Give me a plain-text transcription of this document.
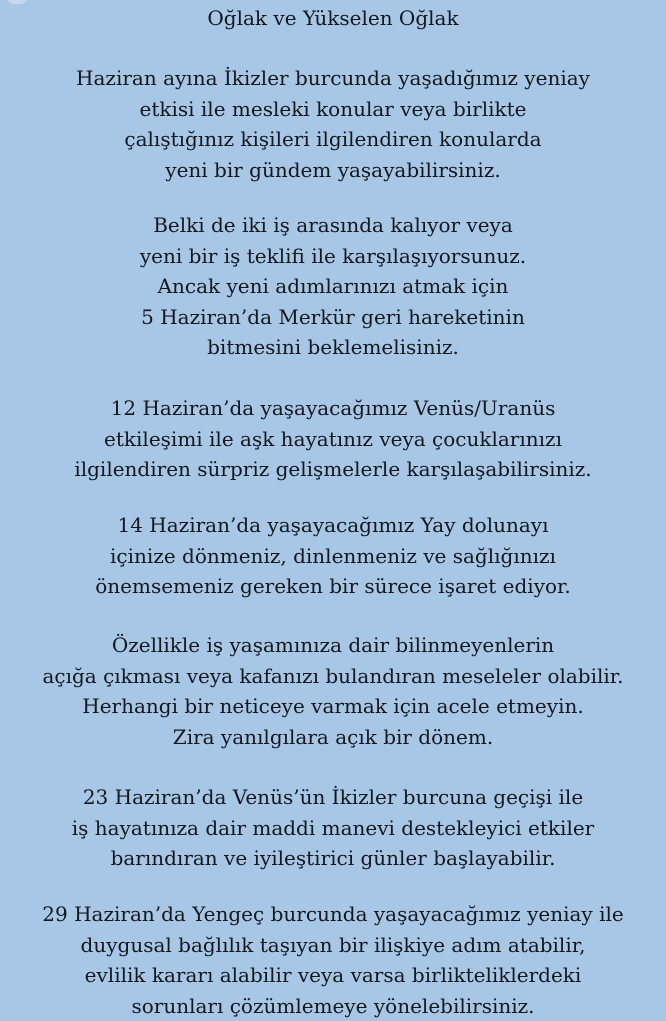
Oğlak ve Yükselen Oğlak

Haziran ayına İkizler burcunda yaşadığımız yeniay
etkisi ile mesleki konular veya birlikte
çalıştığınız kişileri ilgilendiren konularda
yeni bir gündem yaşayabilirsiniz.

Belki de iki iş arasında kalıyor veya
yeni bir iş teklifi ile karşılaşıyorsunuz.
Ancak yeni adımlarınızı atmak için
5 Haziran’da Merkür geri hareketinin
bitmesini beklemelisiniz.

12 Haziran’da yaşayacağımız Venüs/Uranüs
etkileşimi ile aşk hayatınız veya çocuklarınızı
ilgilendiren sürpriz gelişmelerle karşılaşabilirsiniz.

14 Haziran’da yaşayacağımız Yay dolunayı
içinize dönmeniz, dinlenmeniz ve sağlığınızı
önemsemeniz gereken bir sürece işaret ediyor.

Özellikle iş yaşamınıza dair bilinmeyenlerin
açığa çıkması veya kafanızı bulandıran meseleler olabilir.
Herhangi bir neticeye varmak için acele etmeyin.
Zira yanılgılara açık bir dönem.

23 Haziran’da Venüs’ün İkizler burcuna geçişi ile
iş hayatınıza dair maddi manevi destekleyici etkiler
barındıran ve iyileştirici günler başlayabilir.

29 Haziran’da Yengeç burcunda yaşayacağımız yeniay ile
duygusal bağlılık taşıyan bir ilişkiye adım atabilir,
evlilik kararı alabilir veya varsa birlikteliklerdeki
sorunları çözümlemeye yönelebilirsiniz.
